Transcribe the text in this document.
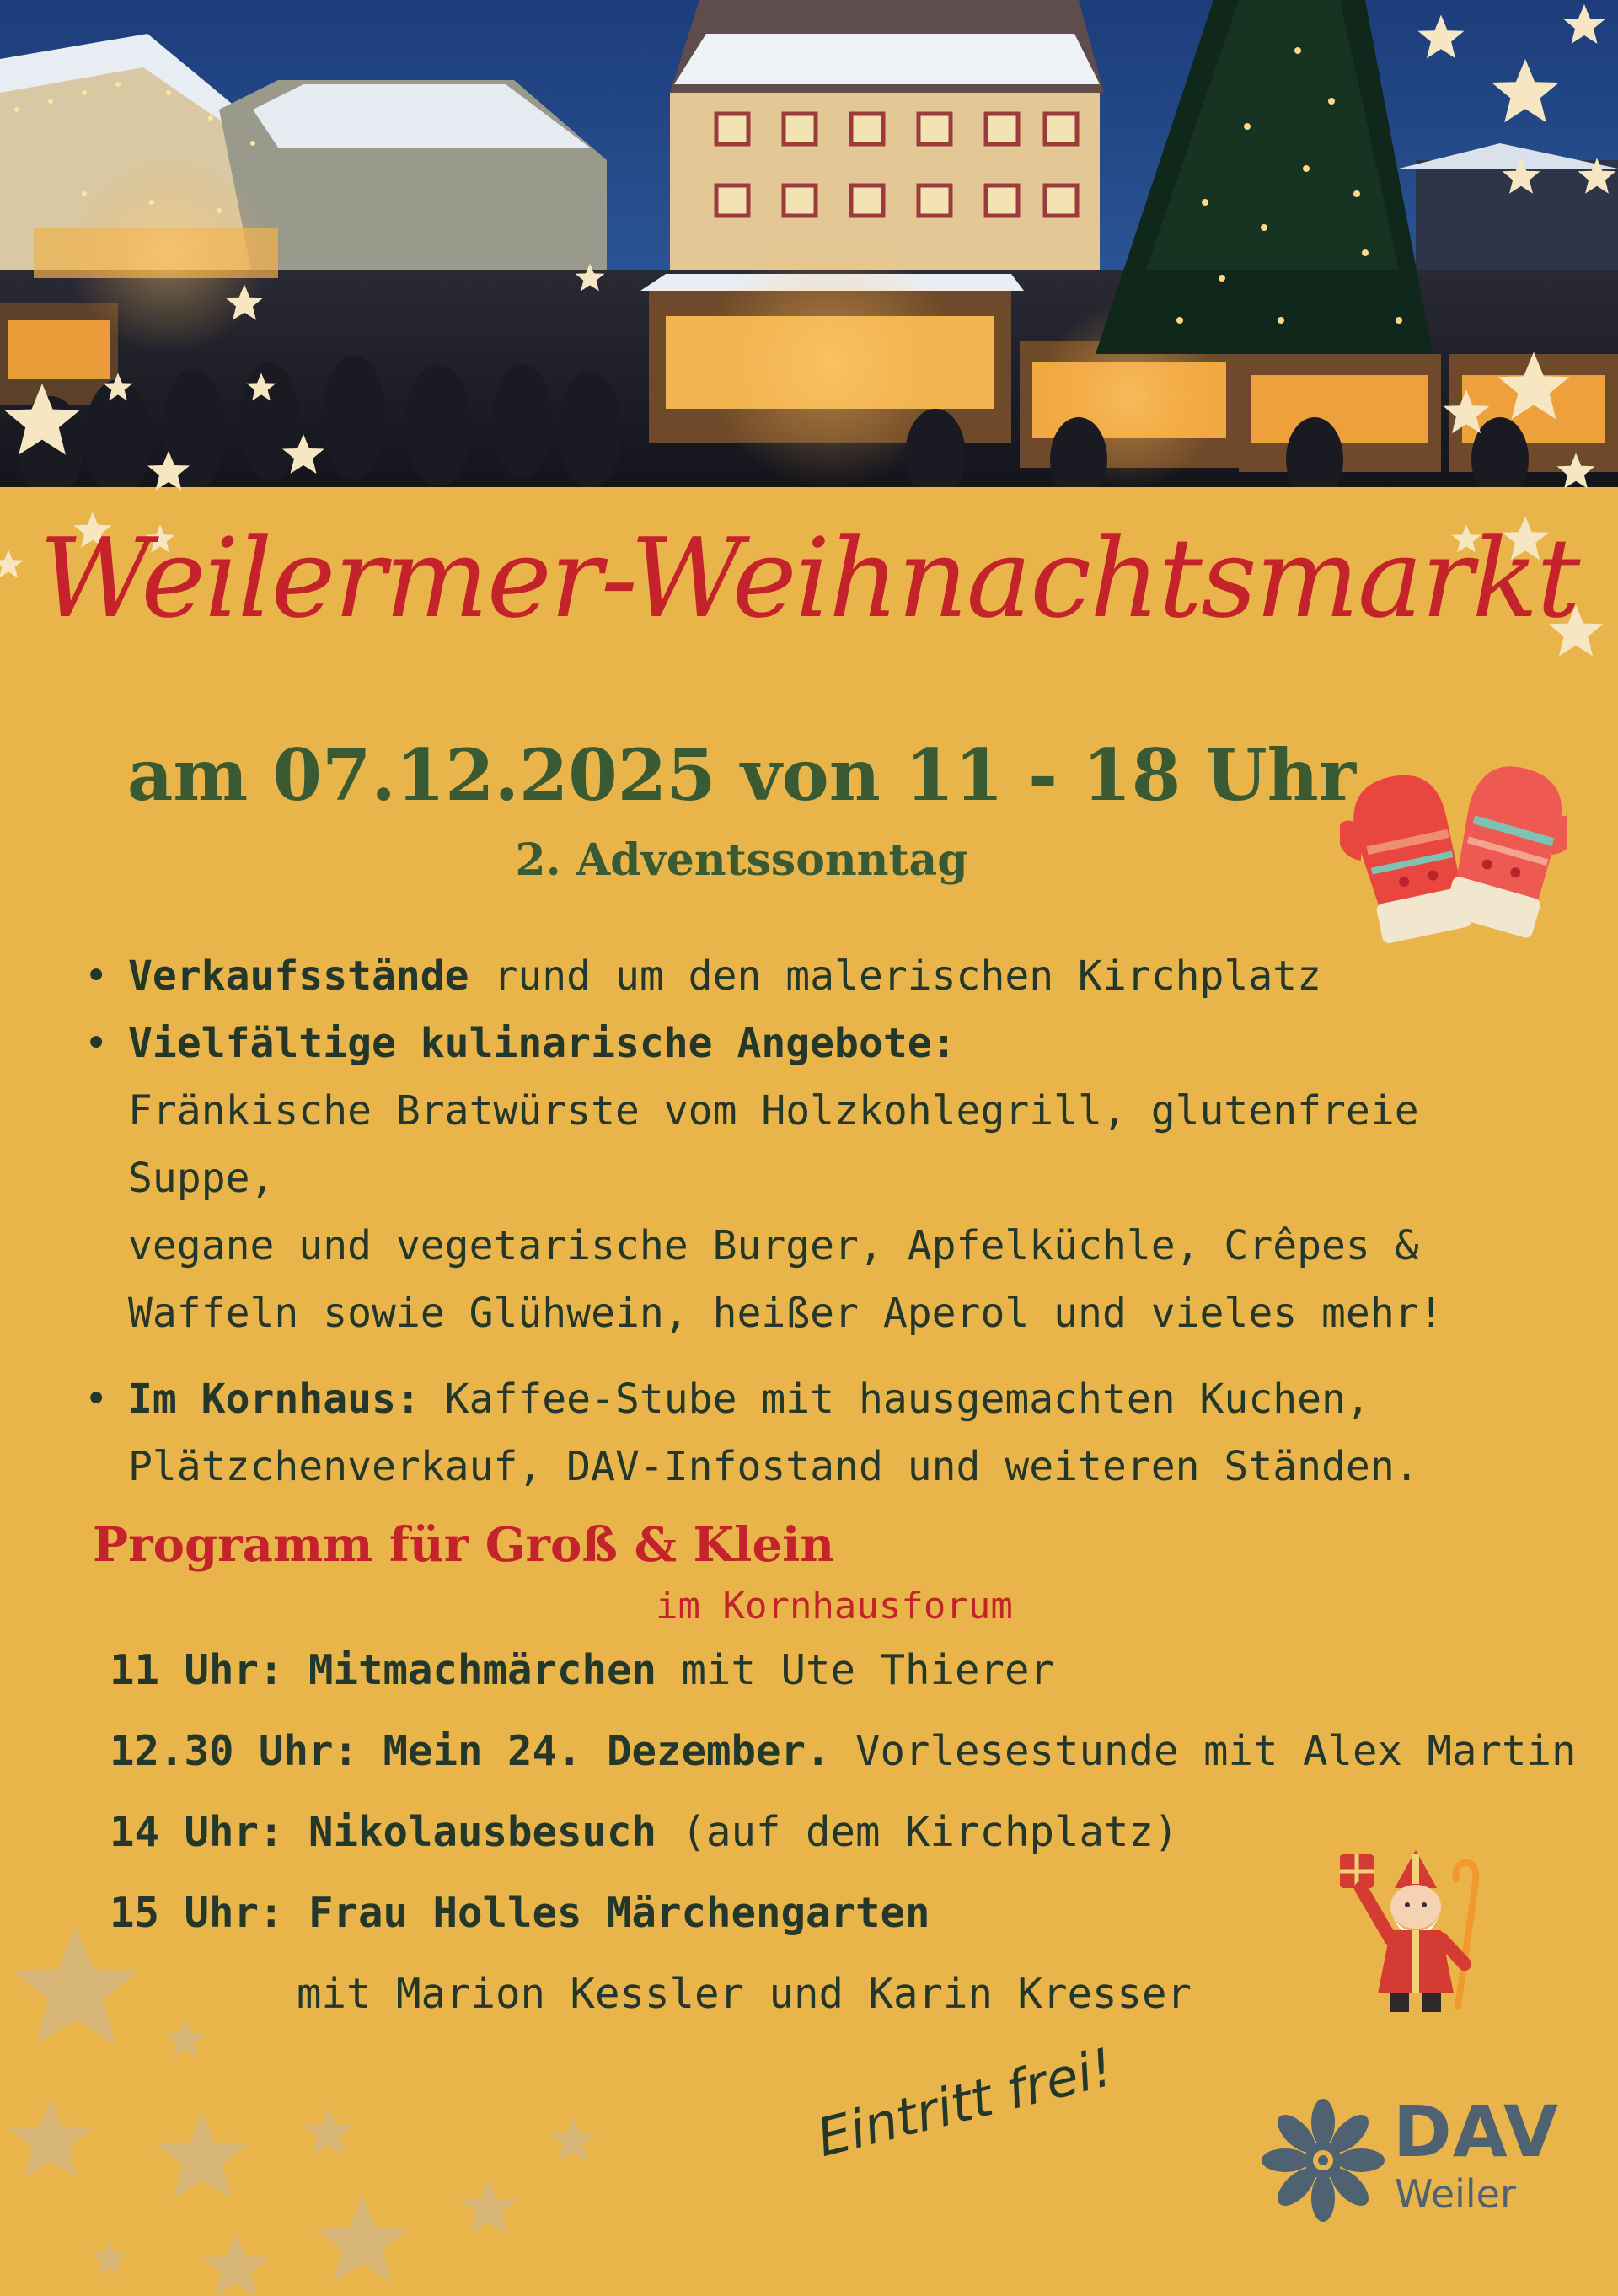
Weilermer-Weihnachtsmarkt
am 07.12.2025 von 11 - 18 Uhr
2. Adventssonntag
• Verkaufsstände rund um den malerischen Kirchplatz
• Vielfältige kulinarische Angebote:
Fränkische Bratwürste vom Holzkohlegrill, glutenfreie Suppe,
vegane und vegetarische Burger, Apfelküchle, Crêpes &
Waffeln sowie Glühwein, heißer Aperol und vieles mehr!
• Im Kornhaus: Kaffee-Stube mit hausgemachten Kuchen,
Plätzchenverkauf, DAV-Infostand und weiteren Ständen.
Programm für Groß & Klein
im Kornhausforum
11 Uhr: Mitmachmärchen mit Ute Thierer
12.30 Uhr: Mein 24. Dezember. Vorlesestunde mit Alex Martin
14 Uhr: Nikolausbesuch (auf dem Kirchplatz)
15 Uhr: Frau Holles Märchengarten
mit Marion Kessler und Karin Kresser
Eintritt frei!	DAV
Weiler
